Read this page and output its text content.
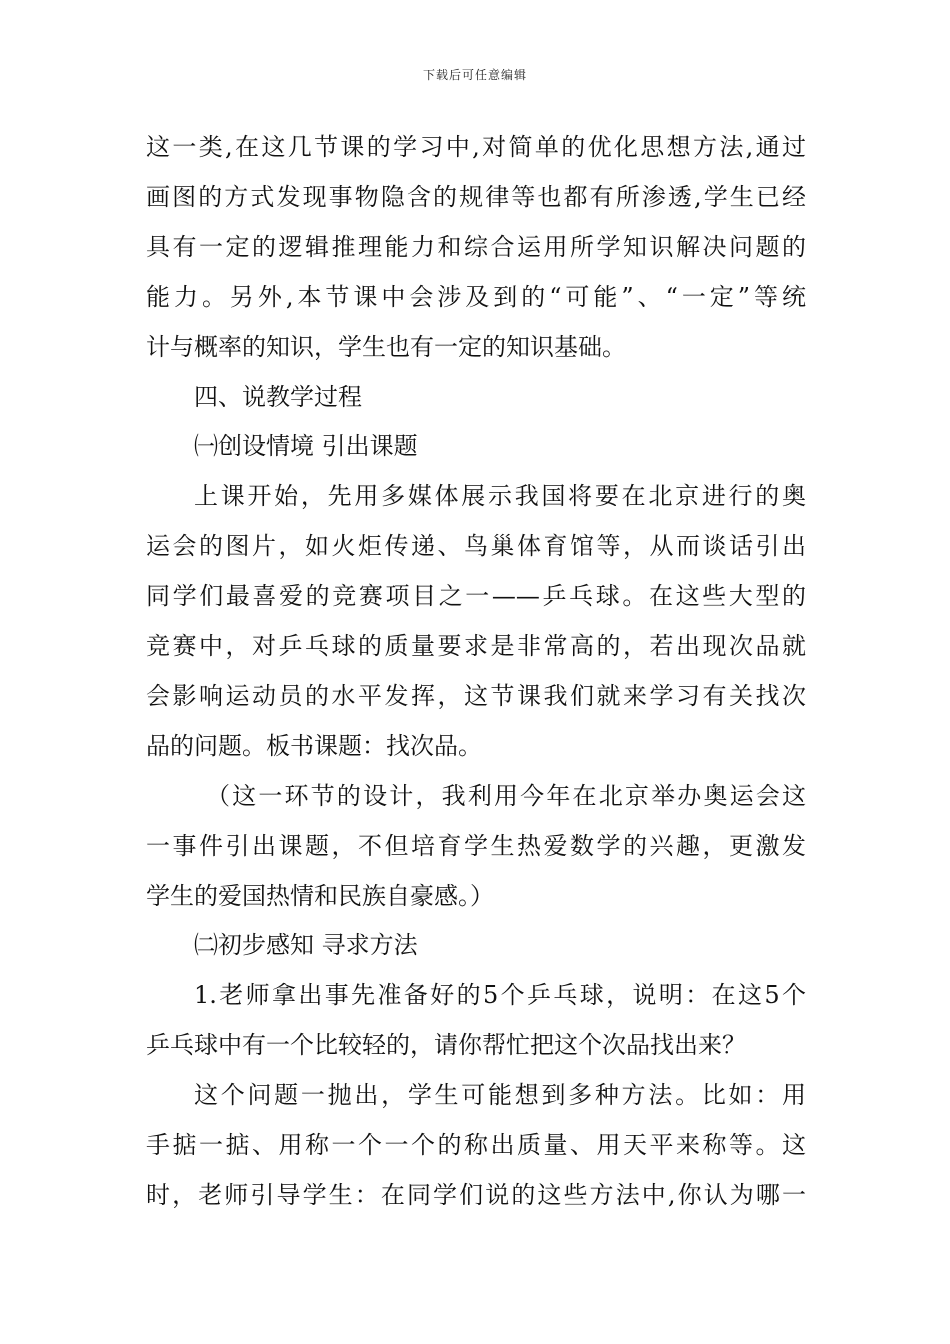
下载后可任意编辑
这一类,在这几节课的学习中,对简单的优化思想方法,通过
画图的方式发现事物隐含的规律等也都有所渗透,学生已经
具有一定的逻辑推理能力和综合运用所学知识解决问题的
能力。另外,本节课中会涉及到的“可能”、“一定”等统
计与概率的知识，学生也有一定的知识基础。
四、说教学过程
㈠创设情境 引出课题
上课开始，先用多媒体展示我国将要在北京进行的奥
运会的图片，如火炬传递、鸟巢体育馆等，从而谈话引出
同学们最喜爱的竞赛项目之一——乒乓球。在这些大型的
竞赛中，对乒乓球的质量要求是非常高的，若出现次品就
会影响运动员的水平发挥，这节课我们就来学习有关找次
品的问题。板书课题：找次品。
（这一环节的设计，我利用今年在北京举办奥运会这
一事件引出课题，不但培育学生热爱数学的兴趣，更激发
学生的爱国热情和民族自豪感。）
㈡初步感知 寻求方法
1.老师拿出事先准备好的5个乒乓球，说明：在这5个
乒乓球中有一个比较轻的，请你帮忙把这个次品找出来？
这个问题一抛出，学生可能想到多种方法。比如：用
手掂一掂、用称一个一个的称出质量、用天平来称等。这
时，老师引导学生：在同学们说的这些方法中,你认为哪一
